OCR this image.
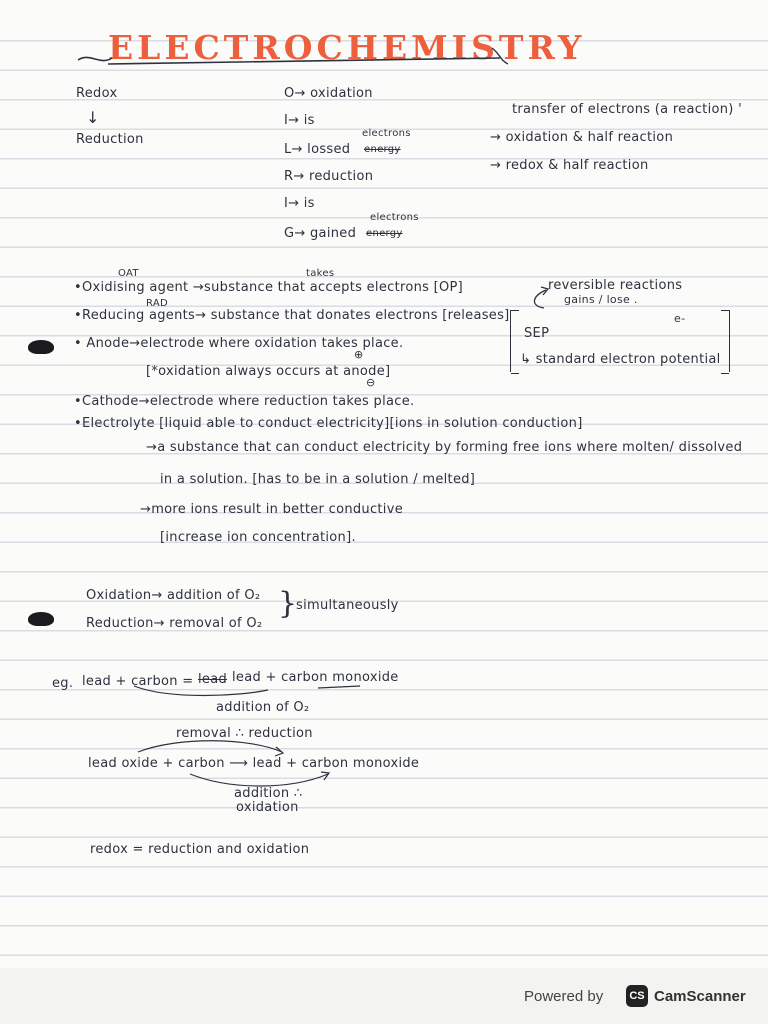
ELECTROCHEMISTRY
Redox
↓
Reduction
O→ oxidation
I→ is
electrons
L→ lossed energy
R→ reduction
I→ is
electrons
G→ gained energy
transfer of electrons (a reaction) '
→ oxidation & half reaction
→ redox & half reaction
OAT	takes
•Oxidising agent →substance that accepts electrons [OP]
RAD
•Reducing agents→ substance that donates electrons [releases]
• Anode→electrode where oxidation takes place.
⊕
[*oxidation always occurs at anode]
⊖
•Cathode→electrode where reduction takes place.
•Electrolyte [liquid able to conduct electricity][ions in solution conduction]
→a substance that can conduct electricity by forming free ions where molten/ dissolved
in a solution. [has to be in a solution / melted]
→more ions result in better conductive
[increase ion concentration].
reversible reactions
gains / lose .
SEP
e-
↳ standard electron potential
Oxidation→ addition of O₂
Reduction→ removal of O₂
}
simultaneously
eg. lead + carbon = lead lead + carbon monoxide
addition of O₂
removal ∴ reduction
lead oxide + carbon ⟶ lead + carbon monoxide
addition ∴
oxidation
redox = reduction and oxidation
Powered by	CS CamScanner
